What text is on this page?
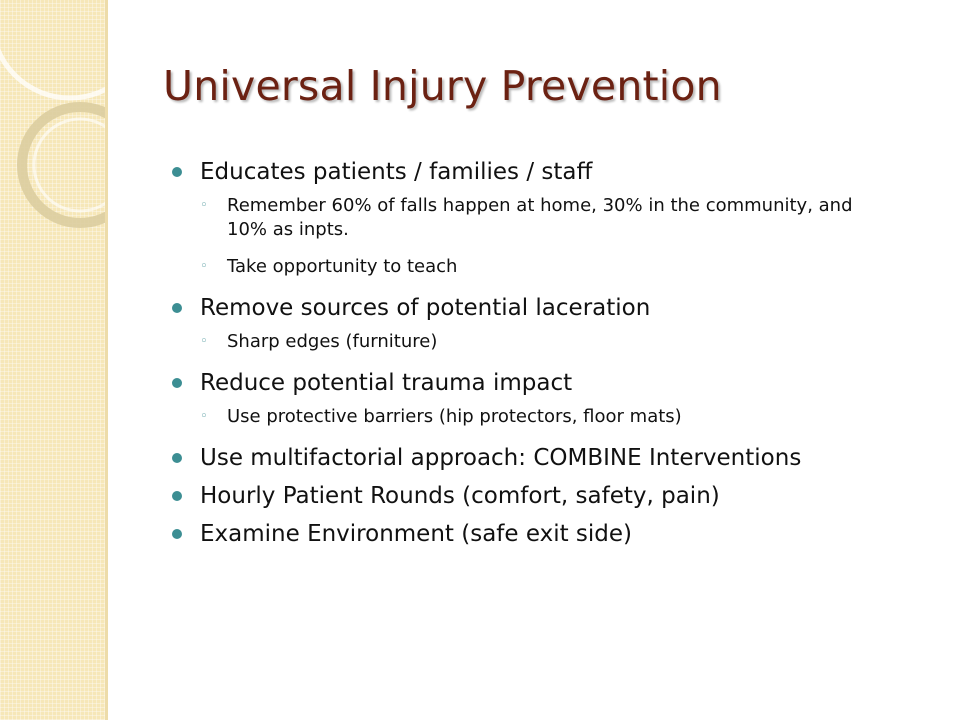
Universal Injury Prevention
Educates patients / families / staff
◦ Remember 60% of falls happen at home, 30% in the community, and 10% as inpts.
◦ Take opportunity to teach
Remove sources of potential laceration
◦ Sharp edges (furniture)
Reduce potential trauma impact
◦ Use protective barriers (hip protectors, floor mats)
Use multifactorial approach: COMBINE Interventions
Hourly Patient Rounds (comfort, safety, pain)
Examine Environment (safe exit side)
